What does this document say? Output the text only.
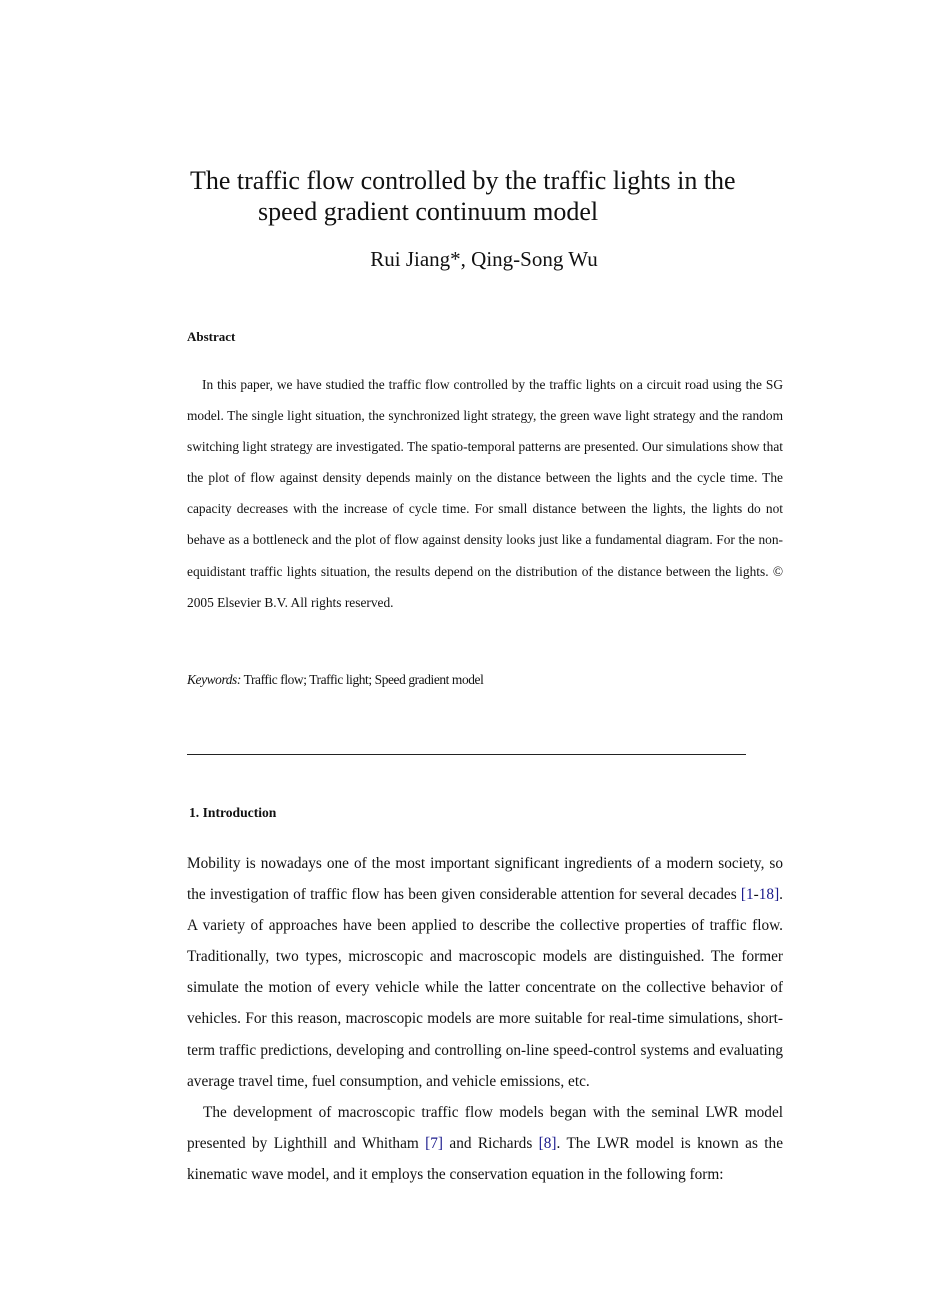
The traffic flow controlled by the traffic lights in the
speed gradient continuum model
Rui Jiang*, Qing-Song Wu
Abstract

In this paper, we have studied the traffic flow controlled by the traffic lights on a circuit road using the SG model. The single light situation, the synchronized light strategy, the green wave light strategy and the random switching light strategy are investigated. The spatio-temporal patterns are presented. Our simulations show that the plot of flow against density depends mainly on the distance between the lights and the cycle time. The capacity decreases with the increase of cycle time. For small distance between the lights, the lights do not behave as a bottleneck and the plot of flow against density looks just like a fundamental diagram. For the non-equidistant traffic lights situation, the results depend on the distribution of the distance between the lights. © 2005 Elsevier B.V. All rights reserved.

Keywords: Traffic flow; Traffic light; Speed gradient model
1. Introduction

Mobility is nowadays one of the most important significant ingredients of a modern society, so the investigation of traffic flow has been given considerable attention for several decades [1-18]. A variety of approaches have been applied to describe the collective properties of traffic flow. Traditionally, two types, microscopic and macroscopic models are distinguished. The former simulate the motion of every vehicle while the latter concentrate on the collective behavior of vehicles. For this reason, macroscopic models are more suitable for real-time simulations, short-term traffic predictions, developing and controlling on-line speed-control systems and evaluating average travel time, fuel consumption, and vehicle emissions, etc.

The development of macroscopic traffic flow models began with the seminal LWR model presented by Lighthill and Whitham [7] and Richards [8]. The LWR model is known as the kinematic wave model, and it employs the conservation equation in the following form:
